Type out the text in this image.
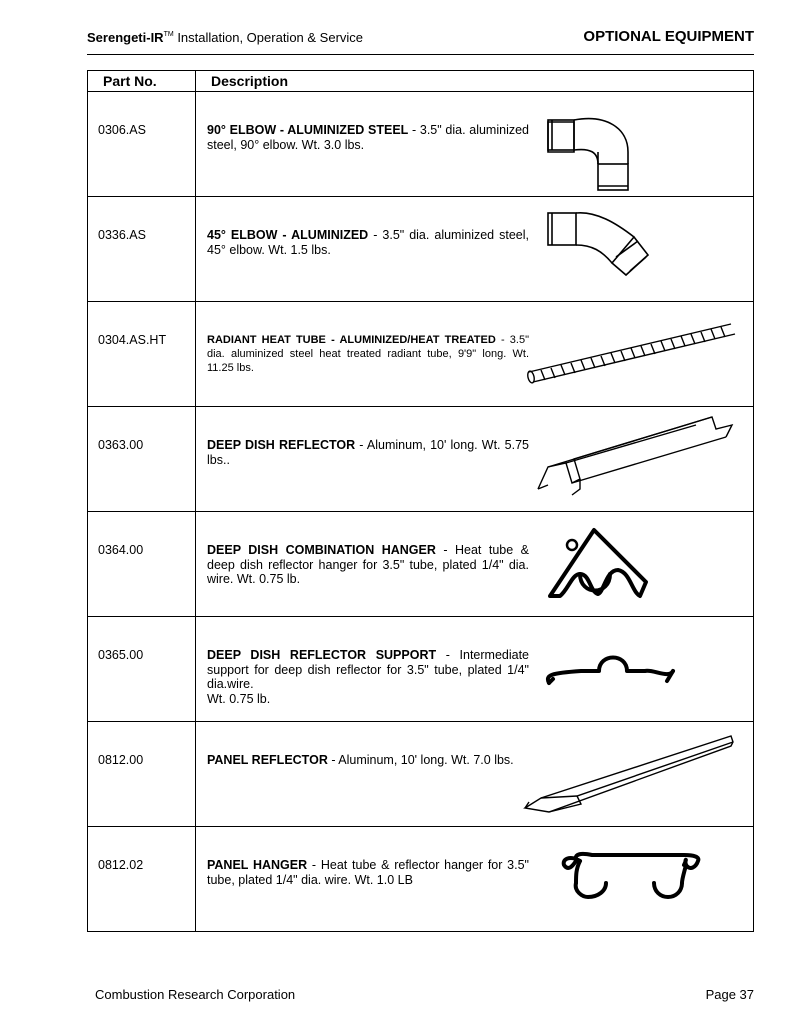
Serengeti-IR™ Installation, Operation & Service	OPTIONAL EQUIPMENT
Part No.	Description

0306.AS	90° ELBOW - ALUMINIZED STEEL - 3.5" dia. aluminized steel, 90° elbow. Wt. 3.0 lbs.

0336.AS	45° ELBOW - ALUMINIZED - 3.5" dia. aluminized steel, 45° elbow. Wt. 1.5 lbs.

0304.AS.HT	RADIANT HEAT TUBE - ALUMINIZED/HEAT TREATED - 3.5" dia. aluminized steel heat treated radiant tube, 9'9" long. Wt. 11.25 lbs.

0363.00	DEEP DISH REFLECTOR - Aluminum, 10' long. Wt. 5.75 lbs..

0364.00	DEEP DISH COMBINATION HANGER - Heat tube & deep dish reflector hanger for 3.5" tube, plated 1/4" dia. wire. Wt. 0.75 lb.

0365.00	DEEP DISH REFLECTOR SUPPORT - Intermediate support for deep dish reflector for 3.5" tube, plated 1/4" dia.wire.
Wt. 0.75 lb.

0812.00	PANEL REFLECTOR - Aluminum, 10' long. Wt. 7.0 lbs.

0812.02	PANEL HANGER - Heat tube & reflector hanger for 3.5" tube, plated 1/4" dia. wire. Wt. 1.0 LB
Combustion Research Corporation	Page 37
